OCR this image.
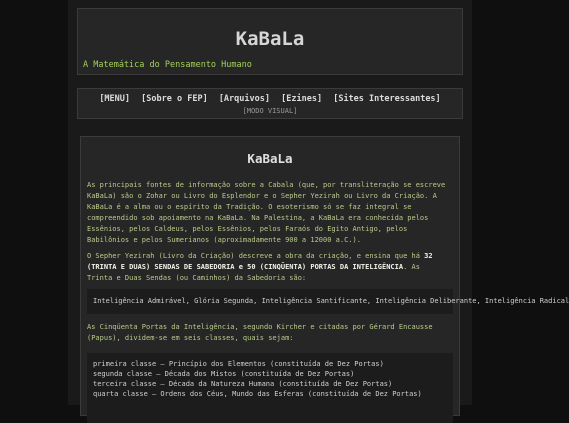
KaBaLa
A Matemática do Pensamento Humano
[MENU] [Sobre o FEP] [Arquivos] [Ezines] [Sites Interessantes]
[MODO VISUAL]
KaBaLa
As principais fontes de informação sobre a Cabala (que, por transliteração se escreve KaBaLa) são o Zohar ou Livro do Esplendor e o Sepher Yezirah ou Livro da Criação. A KaBaLa é a alma ou o espírito da Tradição. O esoterismo só se faz integral se compreendido sob apoiamento na KaBaLa. Na Palestina, a KaBaLa era conhecida pelos Essênios, pelos Caldeus, pelos Essênios, pelos Faraós do Egito Antigo, pelos Babilônios e pelos Sumerianos (aproximadamente 900 a 12000 a.C.).
O Sepher Yezirah (Livro da Criação) descreve a obra da criação, e ensina que há 32 (TRINTA E DUAS) SENDAS DE SABEDORIA e 50 (CINQÜENTA) PORTAS DA INTELIGÊNCIA. As Trinta e Duas Sendas (ou Caminhos) da Sabedoria são:
Inteligência Admirável, Glória Segunda, Inteligência Santificante, Inteligência Deliberante, Inteligência Radical
As Cinqüenta Portas da Inteligência, segundo Kircher e citadas por Gérard Encausse (Papus), dividem-se em seis classes, quais sejam:
primeira classe — Princípio dos Elementos (constituída de Dez Portas)
segunda classe — Década dos Mistos (constituída de Dez Portas)
terceira classe — Década da Natureza Humana (constituída de Dez Portas)
quarta classe — Ordens dos Céus, Mundo das Esferas (constituída de Dez Portas)
